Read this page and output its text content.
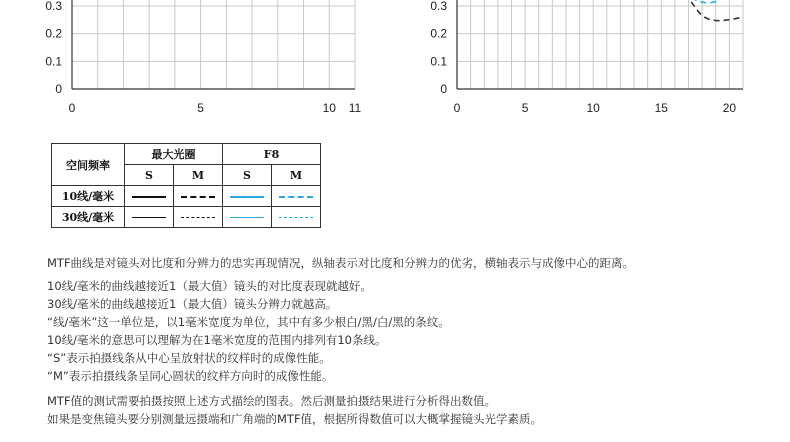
0
0.1
0.2
0.3
0	5	10 11
0
0.1
0.2
0.3
0	5	10	15	20
空间频率	最大光圈		F8	
	S	M	S	M
10线/毫米				
30线/毫米				

MTF曲线是对镜头对比度和分辨力的忠实再现情况，纵轴表示对比度和分辨力的优劣，横轴表示与成像中心的距离。

10线/毫米的曲线越接近1（最大值）镜头的对比度表现就越好。

30线/毫米的曲线越接近1（最大值）镜头分辨力就越高。

“线/毫米”这一单位是，以1毫米宽度为单位，其中有多少根白/黑/白/黑的条纹。

10线/毫米的意思可以理解为在1毫米宽度的范围内排列有10条线。

“S”表示拍摄线条从中心呈放射状的纹样时的成像性能。

“M”表示拍摄线条呈同心圆状的纹样方向时的成像性能。

MTF值的测试需要拍摄按照上述方式描绘的图表。然后测量拍摄结果进行分析得出数值。

如果是变焦镜头要分别测量远摄端和广角端的MTF值，根据所得数值可以大概掌握镜头光学素质。
